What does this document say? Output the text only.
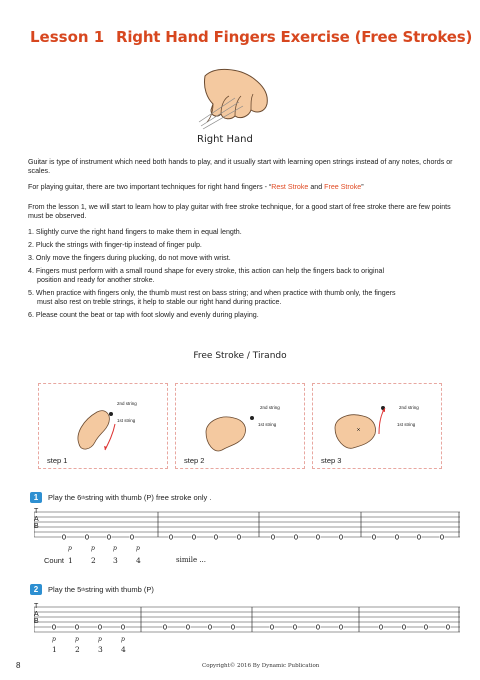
Lesson 1 Right Hand Fingers Exercise (Free Strokes)
Right Hand
Guitar is type of instrument which need both hands to play, and it usually start with learning open strings instead of any notes, chords or scales.
For playing guitar, there are two important techniques for right hand fingers - “Rest Stroke and Free Stroke”
From the lesson 1, we will start to learn how to play guitar with free stroke technique, for a good start of free stroke there are few points must be observed.
1. Slightly curve the right hand fingers to make them in equal length.
2. Pluck the strings with finger-tip instead of finger pulp.
3. Only move the fingers during plucking, do not move with wrist.
4. Fingers must perform with a small round shape for every stroke, this action can help the fingers back to original
position and ready for another stroke.
5. When practice with fingers only, the thumb must rest on bass string; and when practice with thumb only, the fingers
must also rest on treble strings, it help to stable our right hand during practice.
6. Please count the beat or tap with foot slowly and evenly during playing.
Free Stroke / Tirando
2nd string
1st string
step 1
2nd string
1st string
step 2
2nd string
1st string
step 3
1	Play the 6 th string with thumb (P) free stroke only .
0	0	0	0	0	0	0	0	0	0	0	0	0	0	0	0
T
A
B
p	p	p	p
Count 1 2 3 4	simile ...
2	Play the 5 th string with thumb (P)
0	0	0	0	0	0	0	0	0	0	0	0	0	0	0	0
T
A
B
p	p	p	p
1 2 3 4
8	Copyright© 2016 By Dynamic Publication
